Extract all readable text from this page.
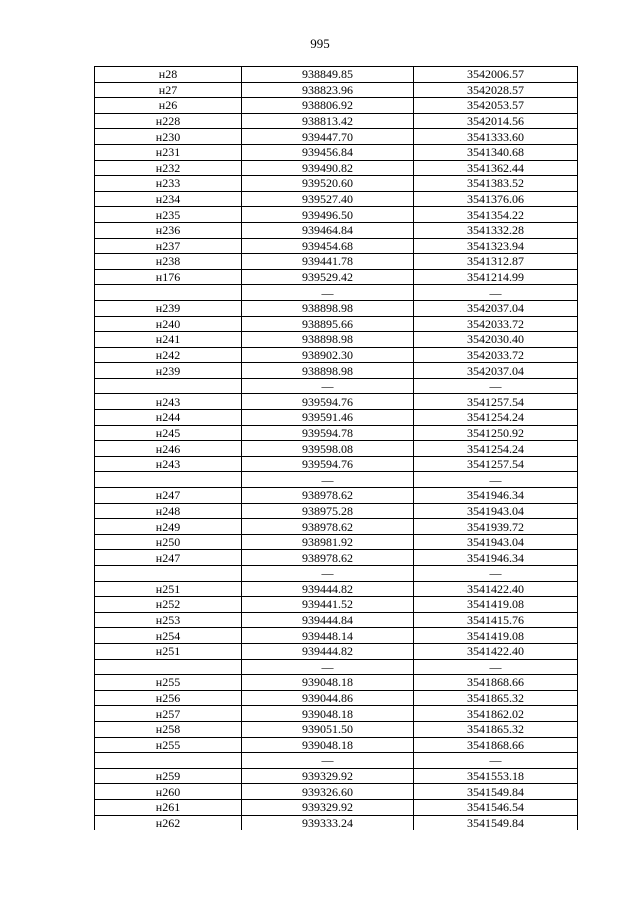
995
н28	938849.85	3542006.57
н27	938823.96	3542028.57
н26	938806.92	3542053.57
н228	938813.42	3542014.56
н230	939447.70	3541333.60
н231	939456.84	3541340.68
н232	939490.82	3541362.44
н233	939520.60	3541383.52
н234	939527.40	3541376.06
н235	939496.50	3541354.22
н236	939464.84	3541332.28
н237	939454.68	3541323.94
н238	939441.78	3541312.87
н176	939529.42	3541214.99
	—	—
н239	938898.98	3542037.04
н240	938895.66	3542033.72
н241	938898.98	3542030.40
н242	938902.30	3542033.72
н239	938898.98	3542037.04
	—	—
н243	939594.76	3541257.54
н244	939591.46	3541254.24
н245	939594.78	3541250.92
н246	939598.08	3541254.24
н243	939594.76	3541257.54
	—	—
н247	938978.62	3541946.34
н248	938975.28	3541943.04
н249	938978.62	3541939.72
н250	938981.92	3541943.04
н247	938978.62	3541946.34
	—	—
н251	939444.82	3541422.40
н252	939441.52	3541419.08
н253	939444.84	3541415.76
н254	939448.14	3541419.08
н251	939444.82	3541422.40
	—	—
н255	939048.18	3541868.66
н256	939044.86	3541865.32
н257	939048.18	3541862.02
н258	939051.50	3541865.32
н255	939048.18	3541868.66
	—	—
н259	939329.92	3541553.18
н260	939326.60	3541549.84
н261	939329.92	3541546.54
н262	939333.24	3541549.84
